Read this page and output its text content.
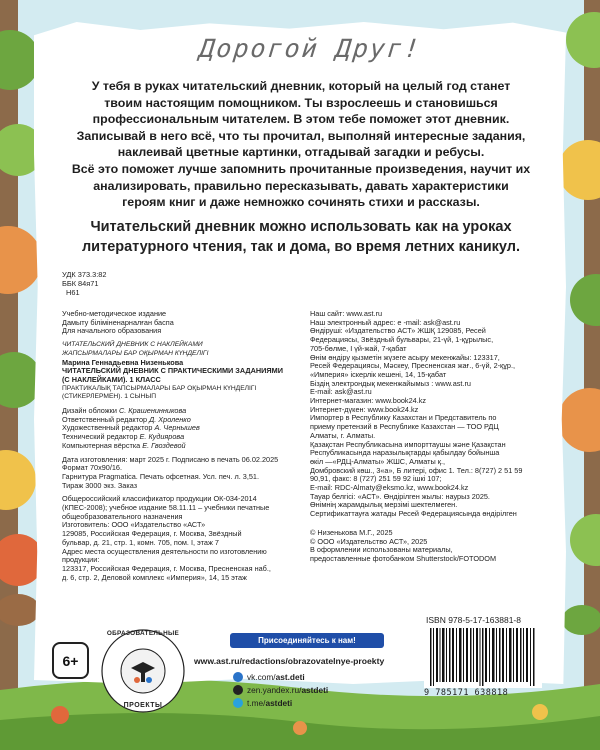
Дорогой Друг!

У тебя в руках читательский дневник, который на целый год станет

твоим настоящим помощником. Ты взрослеешь и становишься

профессиональным читателем. В этом тебе поможет этот дневник.

Записывай в него всё, что ты прочитал, выполняй интересные задания,

наклеивай цветные картинки, отгадывай загадки и ребусы.

Всё это поможет лучше запомнить прочитанные произведения, научит их

анализировать, правильно пересказывать, давать характеристики

героям книг и даже немножко сочинять стихи и рассказы.

Читательский дневник можно использовать как на уроках
литературного чтения, так и дома, во время летних каникул.
УДК 373.3:82
ББК 84я71
Н61
Учебно-методическое издание
Дамыту бiлiмiненарналған баспа
Для начального образования
ЧИТАТЕЛЬСКИЙ ДНЕВНИК С НАКЛЕЙКАМИ
ЖАПСЫРМАЛАРЫ БАР ОҚЫРМАН КҮНДЕЛIГI
Марина Геннадьевна Низенькова
ЧИТАТЕЛЬСКИЙ ДНЕВНИК С ПРАКТИЧЕСКИМИ ЗАДАНИЯМИ
(С НАКЛЕЙКАМИ). 1 КЛАСС
ПРАКТИКАЛЫҚ ТАПСЫРМАЛАРЫ БАР ОҚЫРМАН КҮНДЕЛIГI
(СТИКЕРЛЕРМЕН). 1 СЫНЫП
Дизайн обложки С. Крашенинникова
Ответственный редактор Д. Хроленко
Художественный редактор А. Чернышев
Технический редактор Е. Кудиярова
Компьютерная вёрстка Е. Гвоздевой
Дата изготовления: март 2025 г. Подписано в печать 06.02.2025
Формат 70х90/16.
Гарнитура Pragmatica. Печать офсетная. Усл. печ. л. 3,51.
Тираж 3000 экз. Заказ
Общероссийский классификатор продукции ОК-034-2014
(КПЕС-2008); учебное издание 58.11.11 – учебники печатные
общеобразовательного назначения
Изготовитель: ООО «Издательство «АСТ»
129085, Российская Федерация, г. Москва, Звёздный
бульвар, д. 21, стр. 1, комн. 705, пом. I, этаж 7
Адрес места осуществления деятельности по изготовлению
продукции:
123317, Российская Федерация, г. Москва, Пресненская наб.,
д. 6, стр. 2, Деловой комплекс «Империя», 14, 15 этаж
Наш сайт: www.ast.ru
Наш электронный адрес: e -mail: ask@ast.ru
Өндiрушi: «Издательство АСТ» ЖШҚ 129085, Ресей
Федерациясы, Звёздный бульвары, 21-үй, 1-құрылыс,
705-бөлме, I үй-жай, 7-қабат
Өнiм өндiру қызметiн жүзеге асыру мекенжайы: 123317,
Ресей Федерациясы, Мәскеу, Пресненская жағ., 6-үй, 2-құр.,
«Империя» iскерлiк кешенi, 14, 15-қабат
Бiздiң электрондық мекенжайымыз : www.ast.ru
E-mail: ask@ast.ru
Интернет-магазин: www.book24.kz
Интернет-дүкен: www.book24.kz
Импортер в Республику Казахстан и Представитель по
приему претензий в Республике Казахстан — ТОО РДЦ
Алматы, г. Алматы.
Қазақстан Республикасына импорттаушы және Қазақстан
Республикасында наразылықтарды қабылдау бойынша
өкiл —«РДЦ-Алматы» ЖШС, Алматы қ.,
Домбровский көш., 3«а», Б литерi, офис 1. Тел.: 8(727) 2 51 59
90,91, факс: 8 (727) 251 59 92 iшкi 107;
E-mail: RDC-Almaty@eksmo.kz, www.book24.kz
Тауар белгiсi: «АСТ». Өндiрiлген жылы: наурыз 2025.
Өнiмнiң жарамдылық мерзiмi шектелмеген.
Сертификаттауға жатады Ресей Федерациясында өндiрiлген
© Низенькова М.Г., 2025
© ООО «Издательство АСТ», 2025
В оформлении использованы материалы,
предоставленные фотобанком Shutterstock/FOTODOM
ISBN 978-5-17-163881-8
9 785171 638818
6+
ОБРАЗОВАТЕЛЬНЫЕ
ПРОЕКТЫ
Присоединяйтесь к нам!
www.ast.ru/redactions/obrazovatelnye-proekty
vk.com/ ast.deti
zen.yandex.ru/ astdeti
t.me/ astdeti
